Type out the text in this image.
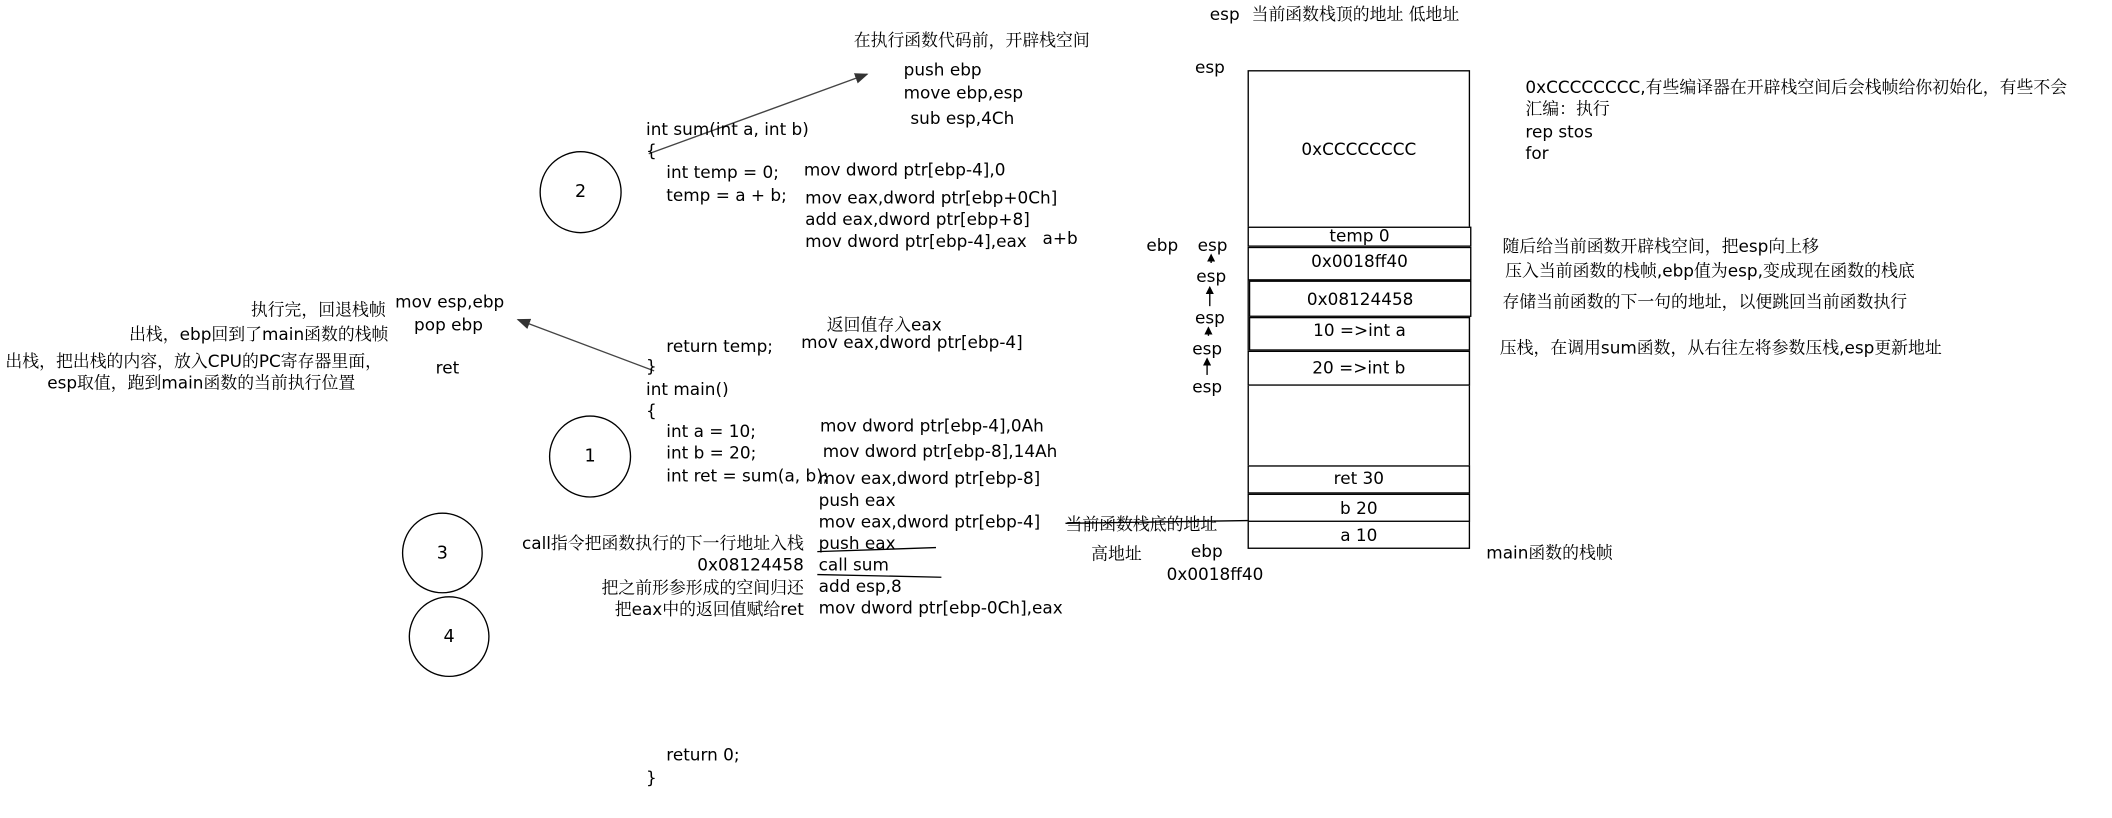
2
1
3
4
esp 当前函数栈顶的地址 低地址
在执行函数代码前，开辟栈空间
push ebp
move ebp,esp
sub esp,4Ch
int sum(int a, int b)
{
int temp = 0;
temp = a + b;
return temp;
}
mov dword ptr[ebp-4],0
mov eax,dword ptr[ebp+0Ch]
add eax,dword ptr[ebp+8]
mov dword ptr[ebp-4],eax a+b
返回值存入eax
mov eax,dword ptr[ebp-4]
mov esp,ebp
pop ebp
ret
执行完，回退栈帧
出栈，ebp回到了main函数的栈帧
出栈，把出栈的内容，放入CPU的PC寄存器里面，
esp取值，跑到main函数的当前执行位置	int main()
{
int a = 10;
int b = 20;
int ret = sum(a, b);
return 0;
}
mov dword ptr[ebp-4],0Ah
mov dword ptr[ebp-8],14Ah
mov eax,dword ptr[ebp-8]
push eax
mov eax,dword ptr[ebp-4]
push eax
call sum
add esp,8
mov dword ptr[ebp-0Ch],eax
call指令把函数执行的下一行地址入栈
0x08124458
把之前形参形成的空间归还
把eax中的返回值赋给ret
0xCCCCCCCC
temp 0
0x0018ff40
0x08124458
10 =>int a
20 =>int b
ret 30
b 20
a 10
esp
ebp esp
esp
esp
esp
esp
当前函数栈底的地址
高地址	ebp
0x0018ff40
0xCCCCCCCC,有些编译器在开辟栈空间后会栈帧给你初始化，有些不会
汇编：执行
rep stos
for
随后给当前函数开辟栈空间，把esp向上移
压入当前函数的栈帧,ebp值为esp,变成现在函数的栈底
存储当前函数的下一句的地址，以便跳回当前函数执行
压栈，在调用sum函数，从右往左将参数压栈,esp更新地址
main函数的栈帧
